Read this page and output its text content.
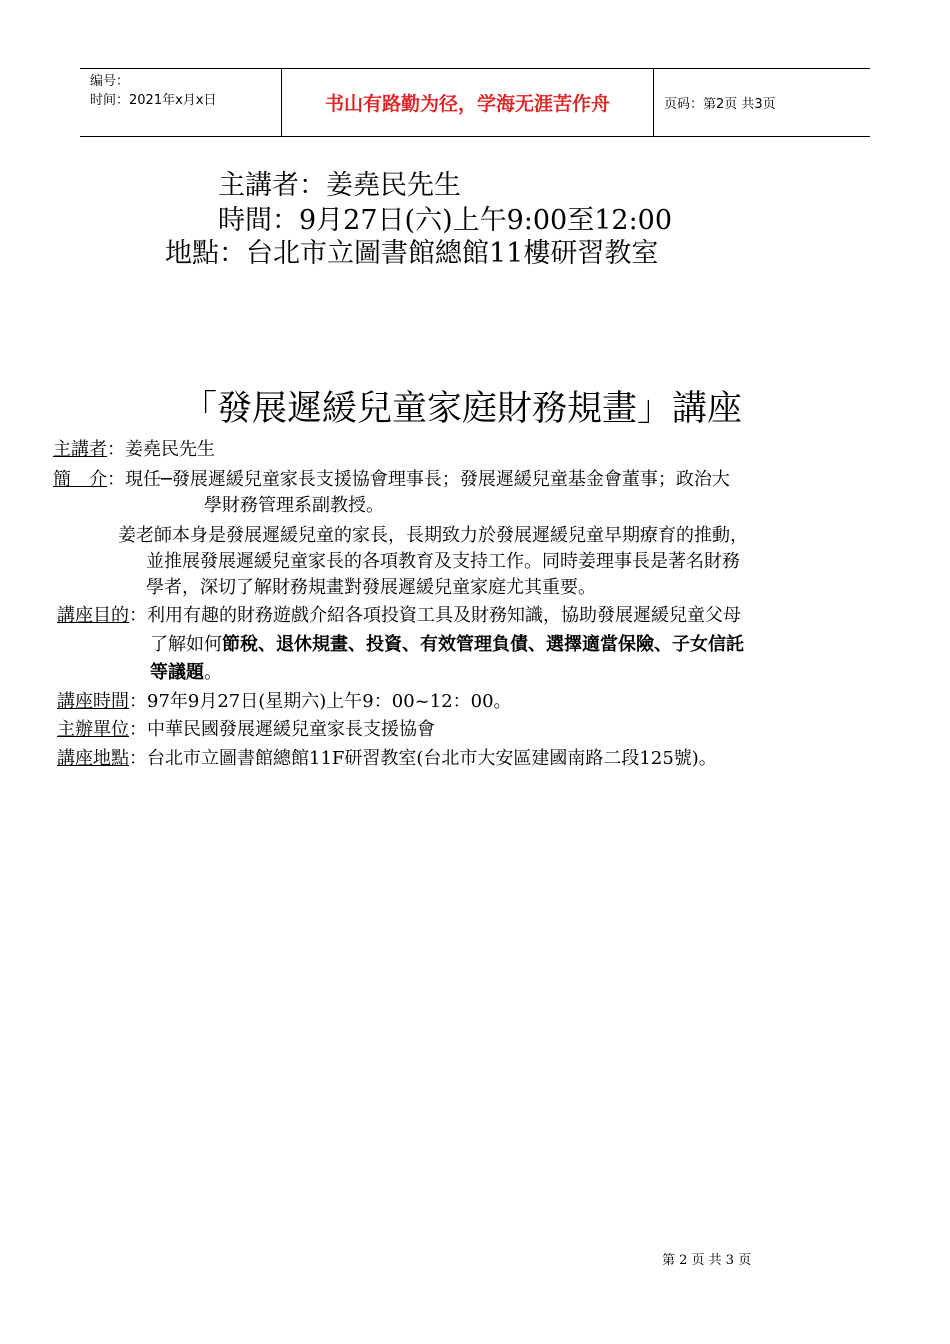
编号：
时间：2021年x月x日	书山有路勤为径，学海无涯苦作舟	页码：第2页 共3页
主講者：姜堯民先生
時間：9月27日(六)上午9:00至12:00
地點：台北市立圖書館總館11樓研習教室
「發展遲緩兒童家庭財務規畫」講座
主講者：姜堯民先生
簡　介：現任─發展遲緩兒童家長支援協會理事長；發展遲緩兒童基金會董事；政治大
學財務管理系副教授。
姜老師本身是發展遲緩兒童的家長，長期致力於發展遲緩兒童早期療育的推動，
並推展發展遲緩兒童家長的各項教育及支持工作。同時姜理事長是著名財務
學者，深切了解財務規畫對發展遲緩兒童家庭尤其重要。
講座目的：利用有趣的財務遊戲介紹各項投資工具及財務知識，協助發展遲緩兒童父母
了解如何節稅、退休規畫、投資、有效管理負債、選擇適當保險、子女信託
等議題。
講座時間：97年9月27日(星期六)上午9：00~12：00。
主辦單位：中華民國發展遲緩兒童家長支援協會
講座地點：台北市立圖書館總館11F研習教室(台北市大安區建國南路二段125號)。
第 2 页 共 3 页
